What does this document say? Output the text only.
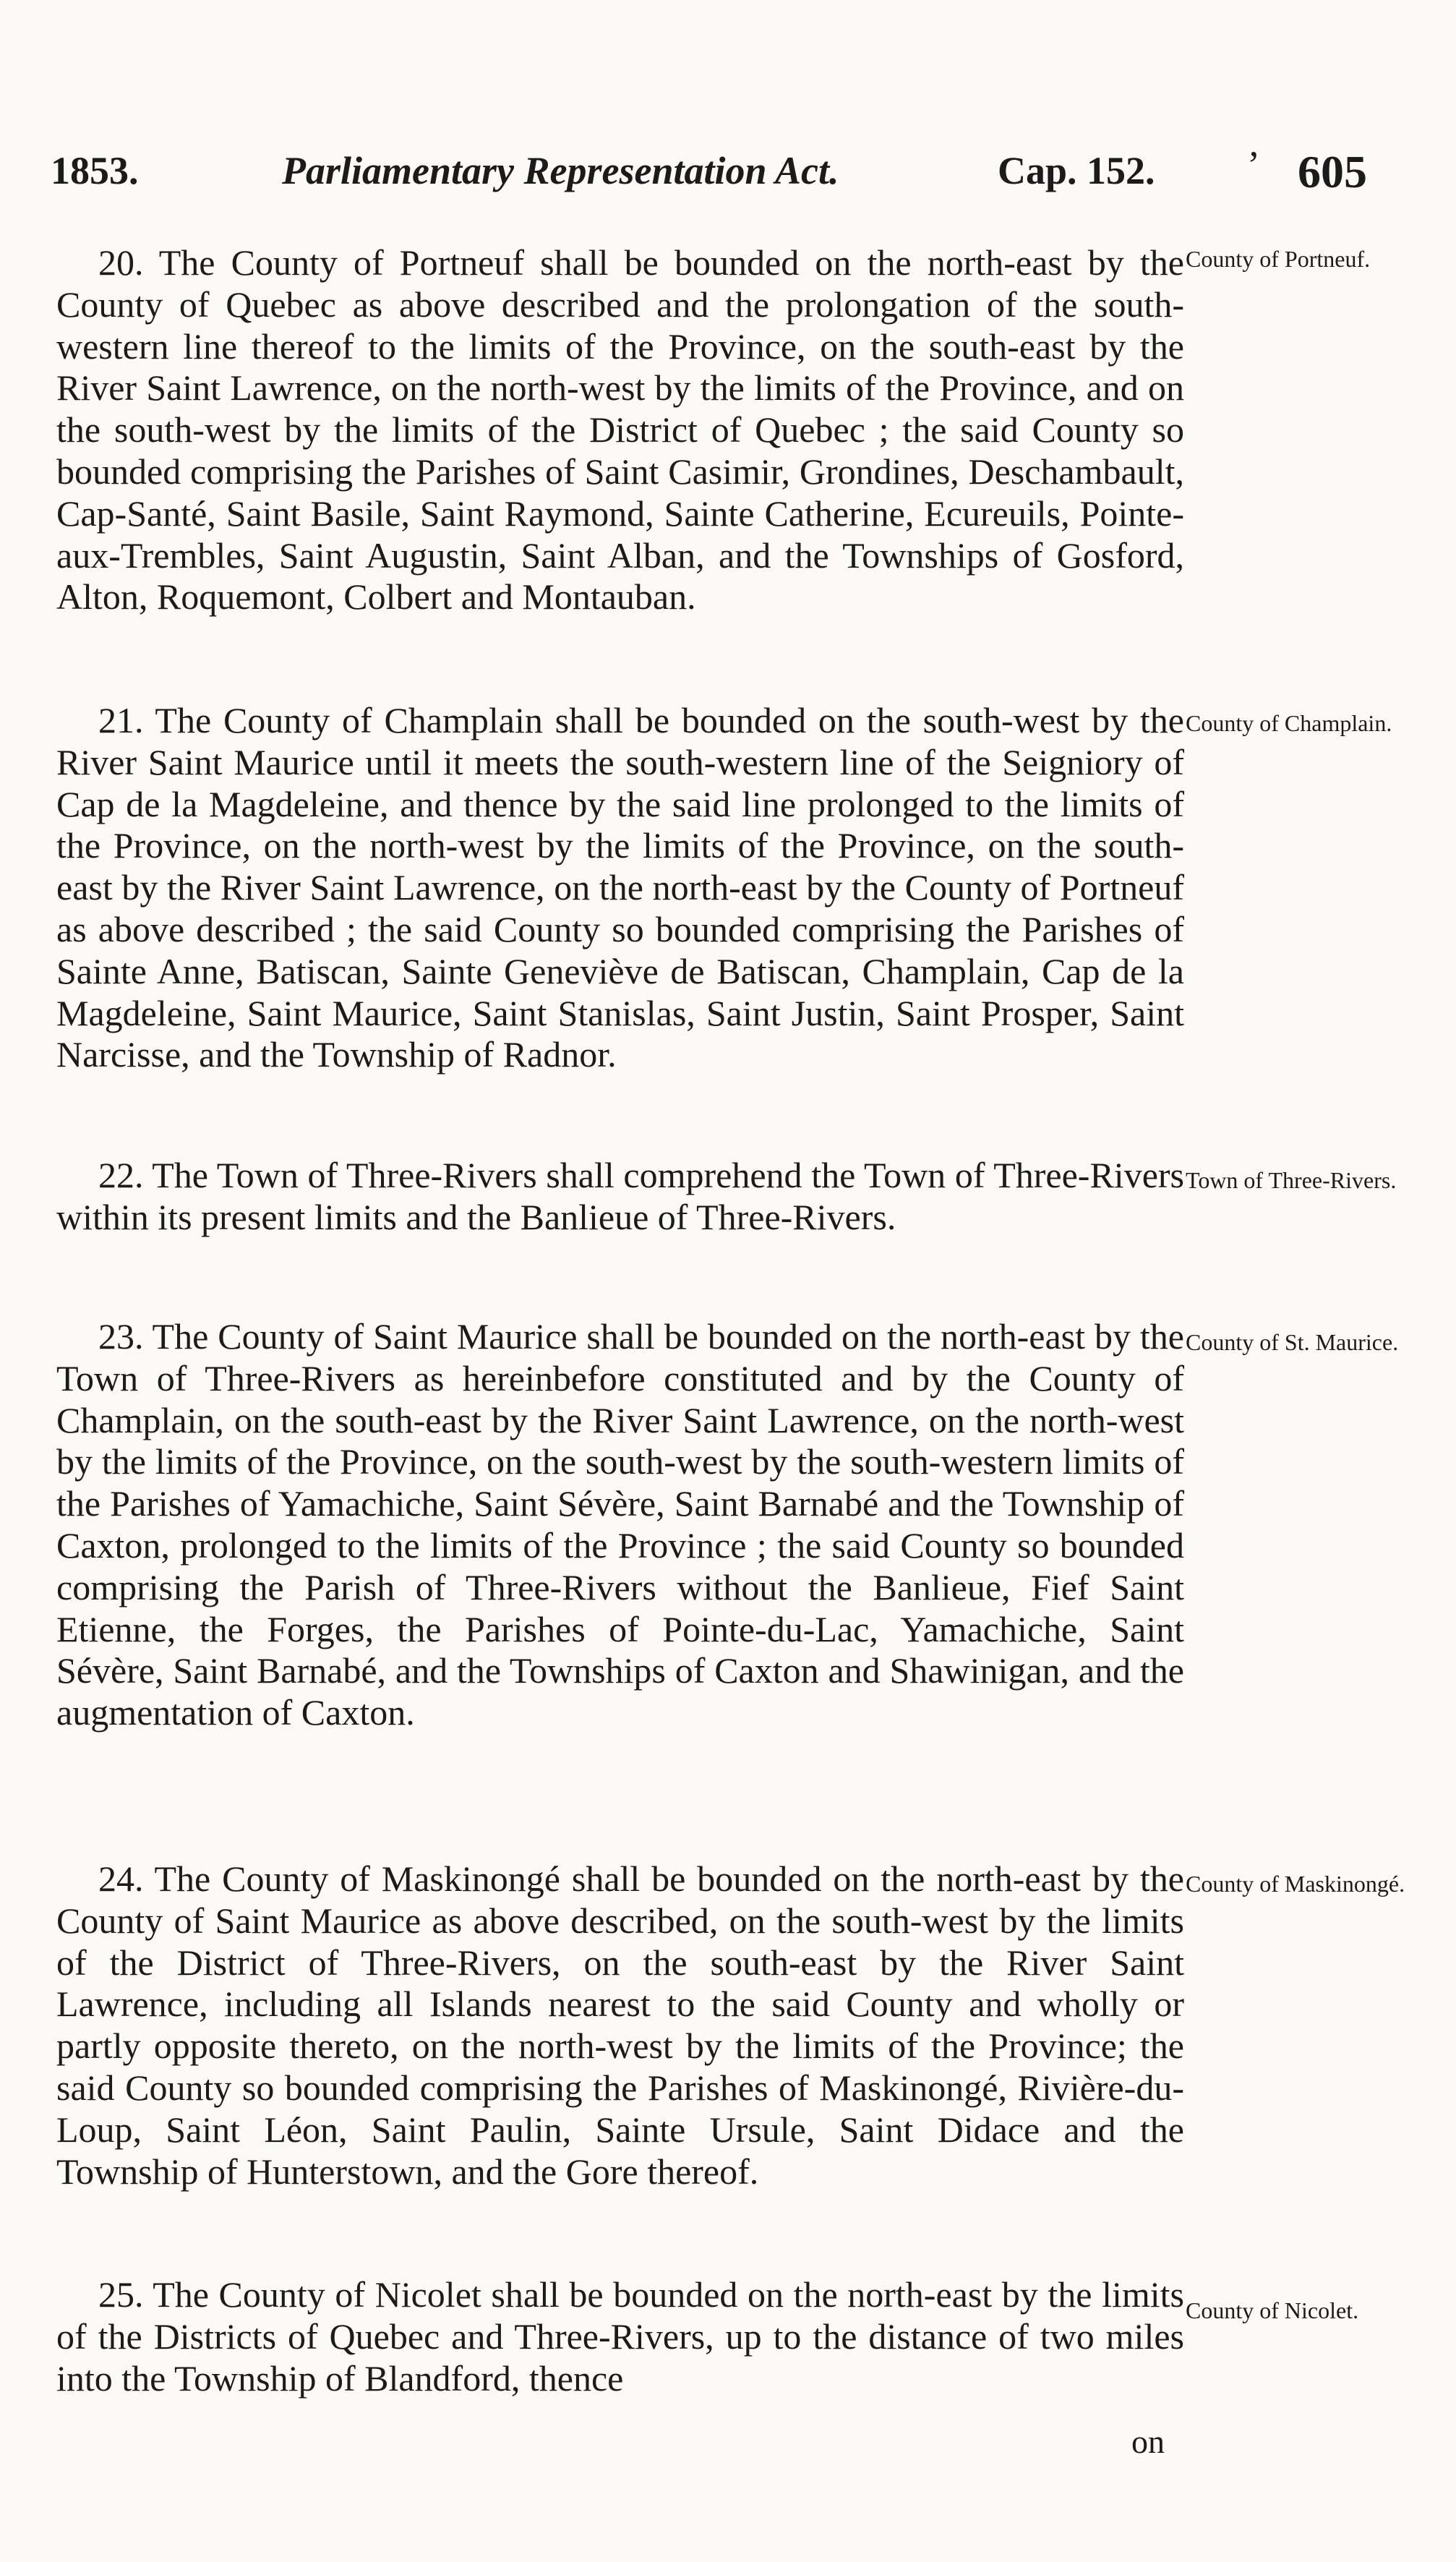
1853.	Parliamentary Representation Act.	Cap. 152. ʼ 605

20. The County of Portneuf shall be bounded on the north-east by the County of Quebec as above described and the prolongation of the south-western line thereof to the limits of the Province, on the south-east by the River Saint Lawrence, on the north-west by the limits of the Province, and on the south-west by the limits of the District of Quebec ; the said County so bounded comprising the Parishes of Saint Casimir, Grondines, Deschambault, Cap-Santé, Saint Basile, Saint Raymond, Sainte Catherine, Ecureuils, Pointe-aux-Trembles, Saint Augustin, Saint Alban, and the Townships of Gosford, Alton, Roquemont, Colbert and Montauban.

County of Portneuf.

21. The County of Champlain shall be bounded on the south-west by the River Saint Maurice until it meets the south-western line of the Seigniory of Cap de la Magdeleine, and thence by the said line prolonged to the limits of the Province, on the north-west by the limits of the Province, on the south-east by the River Saint Lawrence, on the north-east by the County of Portneuf as above described ; the said County so bounded comprising the Parishes of Sainte Anne, Batiscan, Sainte Geneviève de Batiscan, Champlain, Cap de la Magdeleine, Saint Maurice, Saint Stanislas, Saint Justin, Saint Prosper, Saint Narcisse, and the Township of Radnor.

County of Champlain.

22. The Town of Three-Rivers shall comprehend the Town of Three-Rivers within its present limits and the Banlieue of Three-Rivers.

Town of Three-Rivers.

23. The County of Saint Maurice shall be bounded on the north-east by the Town of Three-Rivers as hereinbefore constituted and by the County of Champlain, on the south-east by the River Saint Lawrence, on the north-west by the limits of the Province, on the south-west by the south-western limits of the Parishes of Yamachiche, Saint Sévère, Saint Barnabé and the Township of Caxton, prolonged to the limits of the Province ; the said County so bounded comprising the Parish of Three-Rivers without the Banlieue, Fief Saint Etienne, the Forges, the Parishes of Pointe-du-Lac, Yamachiche, Saint Sévère, Saint Barnabé, and the Townships of Caxton and Shawinigan, and the augmentation of Caxton.

County of St. Maurice.

24. The County of Maskinongé shall be bounded on the north-east by the County of Saint Maurice as above described, on the south-west by the limits of the District of Three-Rivers, on the south-east by the River Saint Lawrence, including all Islands nearest to the said County and wholly or partly opposite thereto, on the north-west by the limits of the Province; the said County so bounded comprising the Parishes of Maskinongé, Rivière-du-Loup, Saint Léon, Saint Paulin, Sainte Ursule, Saint Didace and the Township of Hunterstown, and the Gore thereof.

County of Maskinongé.

25. The County of Nicolet shall be bounded on the north-east by the limits of the Districts of Quebec and Three-Rivers, up to the distance of two miles into the Township of Blandford, thence

County of Nicolet.

on
